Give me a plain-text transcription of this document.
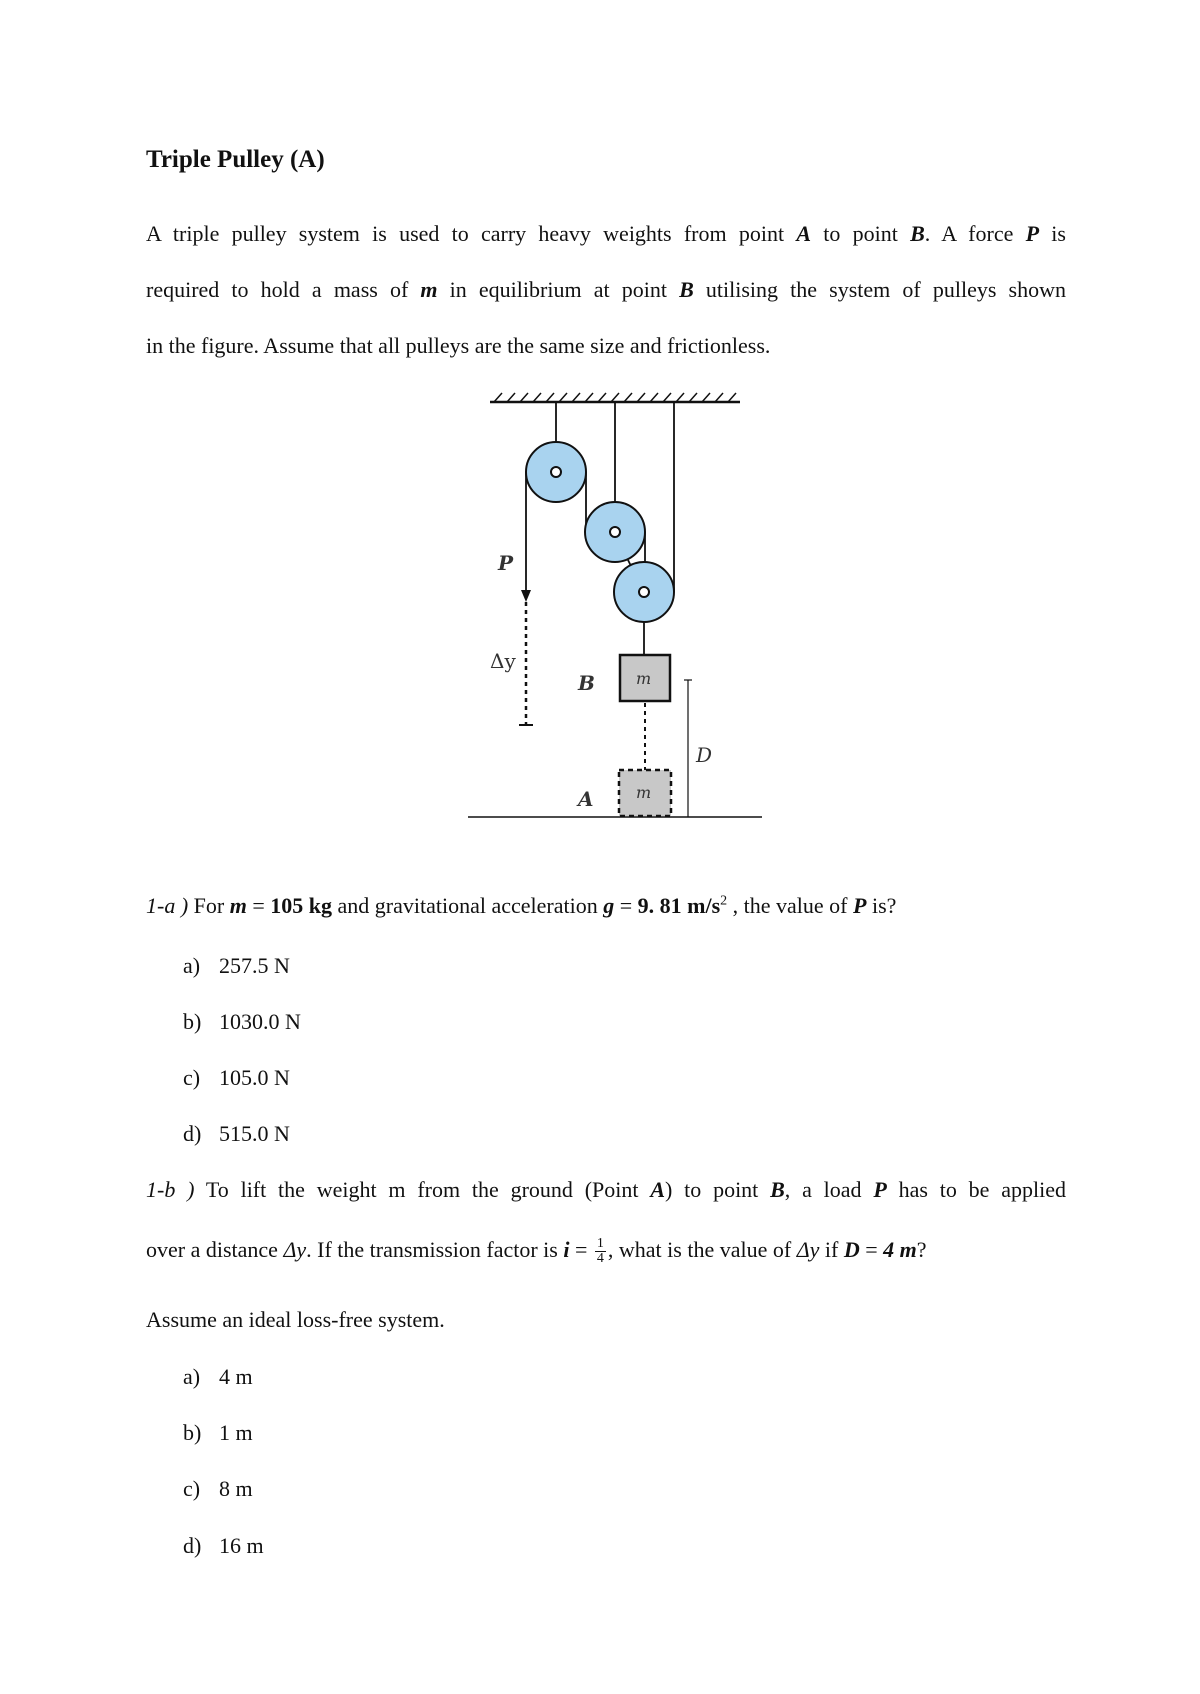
Triple Pulley (A)
A triple pulley system is used to carry heavy weights from point A to point B. A force P is
required to hold a mass of m in equilibrium at point B utilising the system of pulleys shown
in the figure. Assume that all pulleys are the same size and frictionless.
P
Δy
m
B
m
A
D
1-a ) For m = 105 kg and gravitational acceleration g = 9. 81 $m/s^2$ , the value of P is?
a) 257.5 N
b) 1030.0 N
c) 105.0 N
d) 515.0 N
1-b ) To lift the weight m from the ground (Point A) to point B, a load P has to be applied
over a distance Δy. If the transmission factor is $i = \frac{1}{4}$ , what is the value of Δy if D = 4 m?
Assume an ideal loss-free system.
a) 4 m
b) 1 m
c) 8 m
d) 16 m
